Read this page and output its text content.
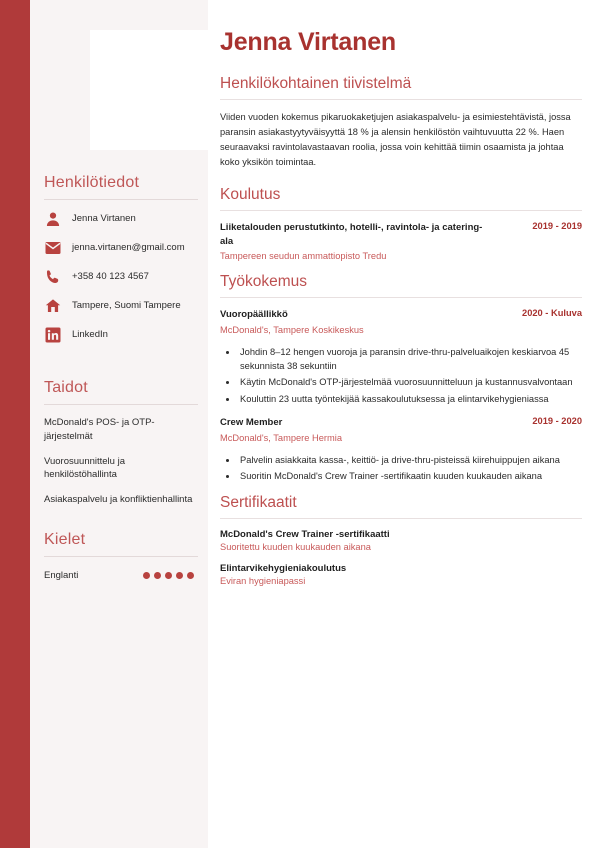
Henkilötiedot
Jenna Virtanen
jenna.virtanen@gmail.com
+358 40 123 4567
Tampere, Suomi Tampere
LinkedIn
Taidot
McDonald's POS- ja OTP-järjestelmät
Vuorosuunnittelu ja henkilöstöhallinta
Asiakaspalvelu ja konfliktienhallinta
Kielet
Englanti
Jenna Virtanen
Henkilökohtainen tiivistelmä

Viiden vuoden kokemus pikaruokaketjujen asiakaspalvelu- ja esimiestehtävistä, jossa paransin asiakastyytyväisyyttä 18 % ja alensin henkilöstön vaihtuvuutta 22 %. Haen seuraavaksi ravintolavastaavan roolia, jossa voin kehittää tiimin osaamista ja johtaa koko yksikön toimintaa.

Koulutus
Liiketalouden perustutkinto, hotelli-, ravintola- ja catering-ala
2019 - 2019
Tampereen seudun ammattiopisto Tredu
Työkokemus
Vuoropäällikkö	2020 - Kuluva
McDonald's, Tampere Koskikeskus
• Johdin 8–12 hengen vuoroja ja paransin drive-thru-palveluaikojen keskiarvoa 45 sekunnista 38 sekuntiin
• Käytin McDonald's OTP-järjestelmää vuorosuunnitteluun ja kustannusvalvontaan
• Kouluttin 23 uutta työntekijää kassakoulutuksessa ja elintarvikehygieniassa
Crew Member	2019 - 2020
McDonald's, Tampere Hermia
• Palvelin asiakkaita kassa-, keittiö- ja drive-thru-pisteissä kiirehuippujen aikana
• Suoritin McDonald's Crew Trainer -sertifikaatin kuuden kuukauden aikana
Sertifikaatit
McDonald's Crew Trainer -sertifikaatti
Suoritettu kuuden kuukauden aikana
Elintarvikehygieniakoulutus
Eviran hygieniapassi
